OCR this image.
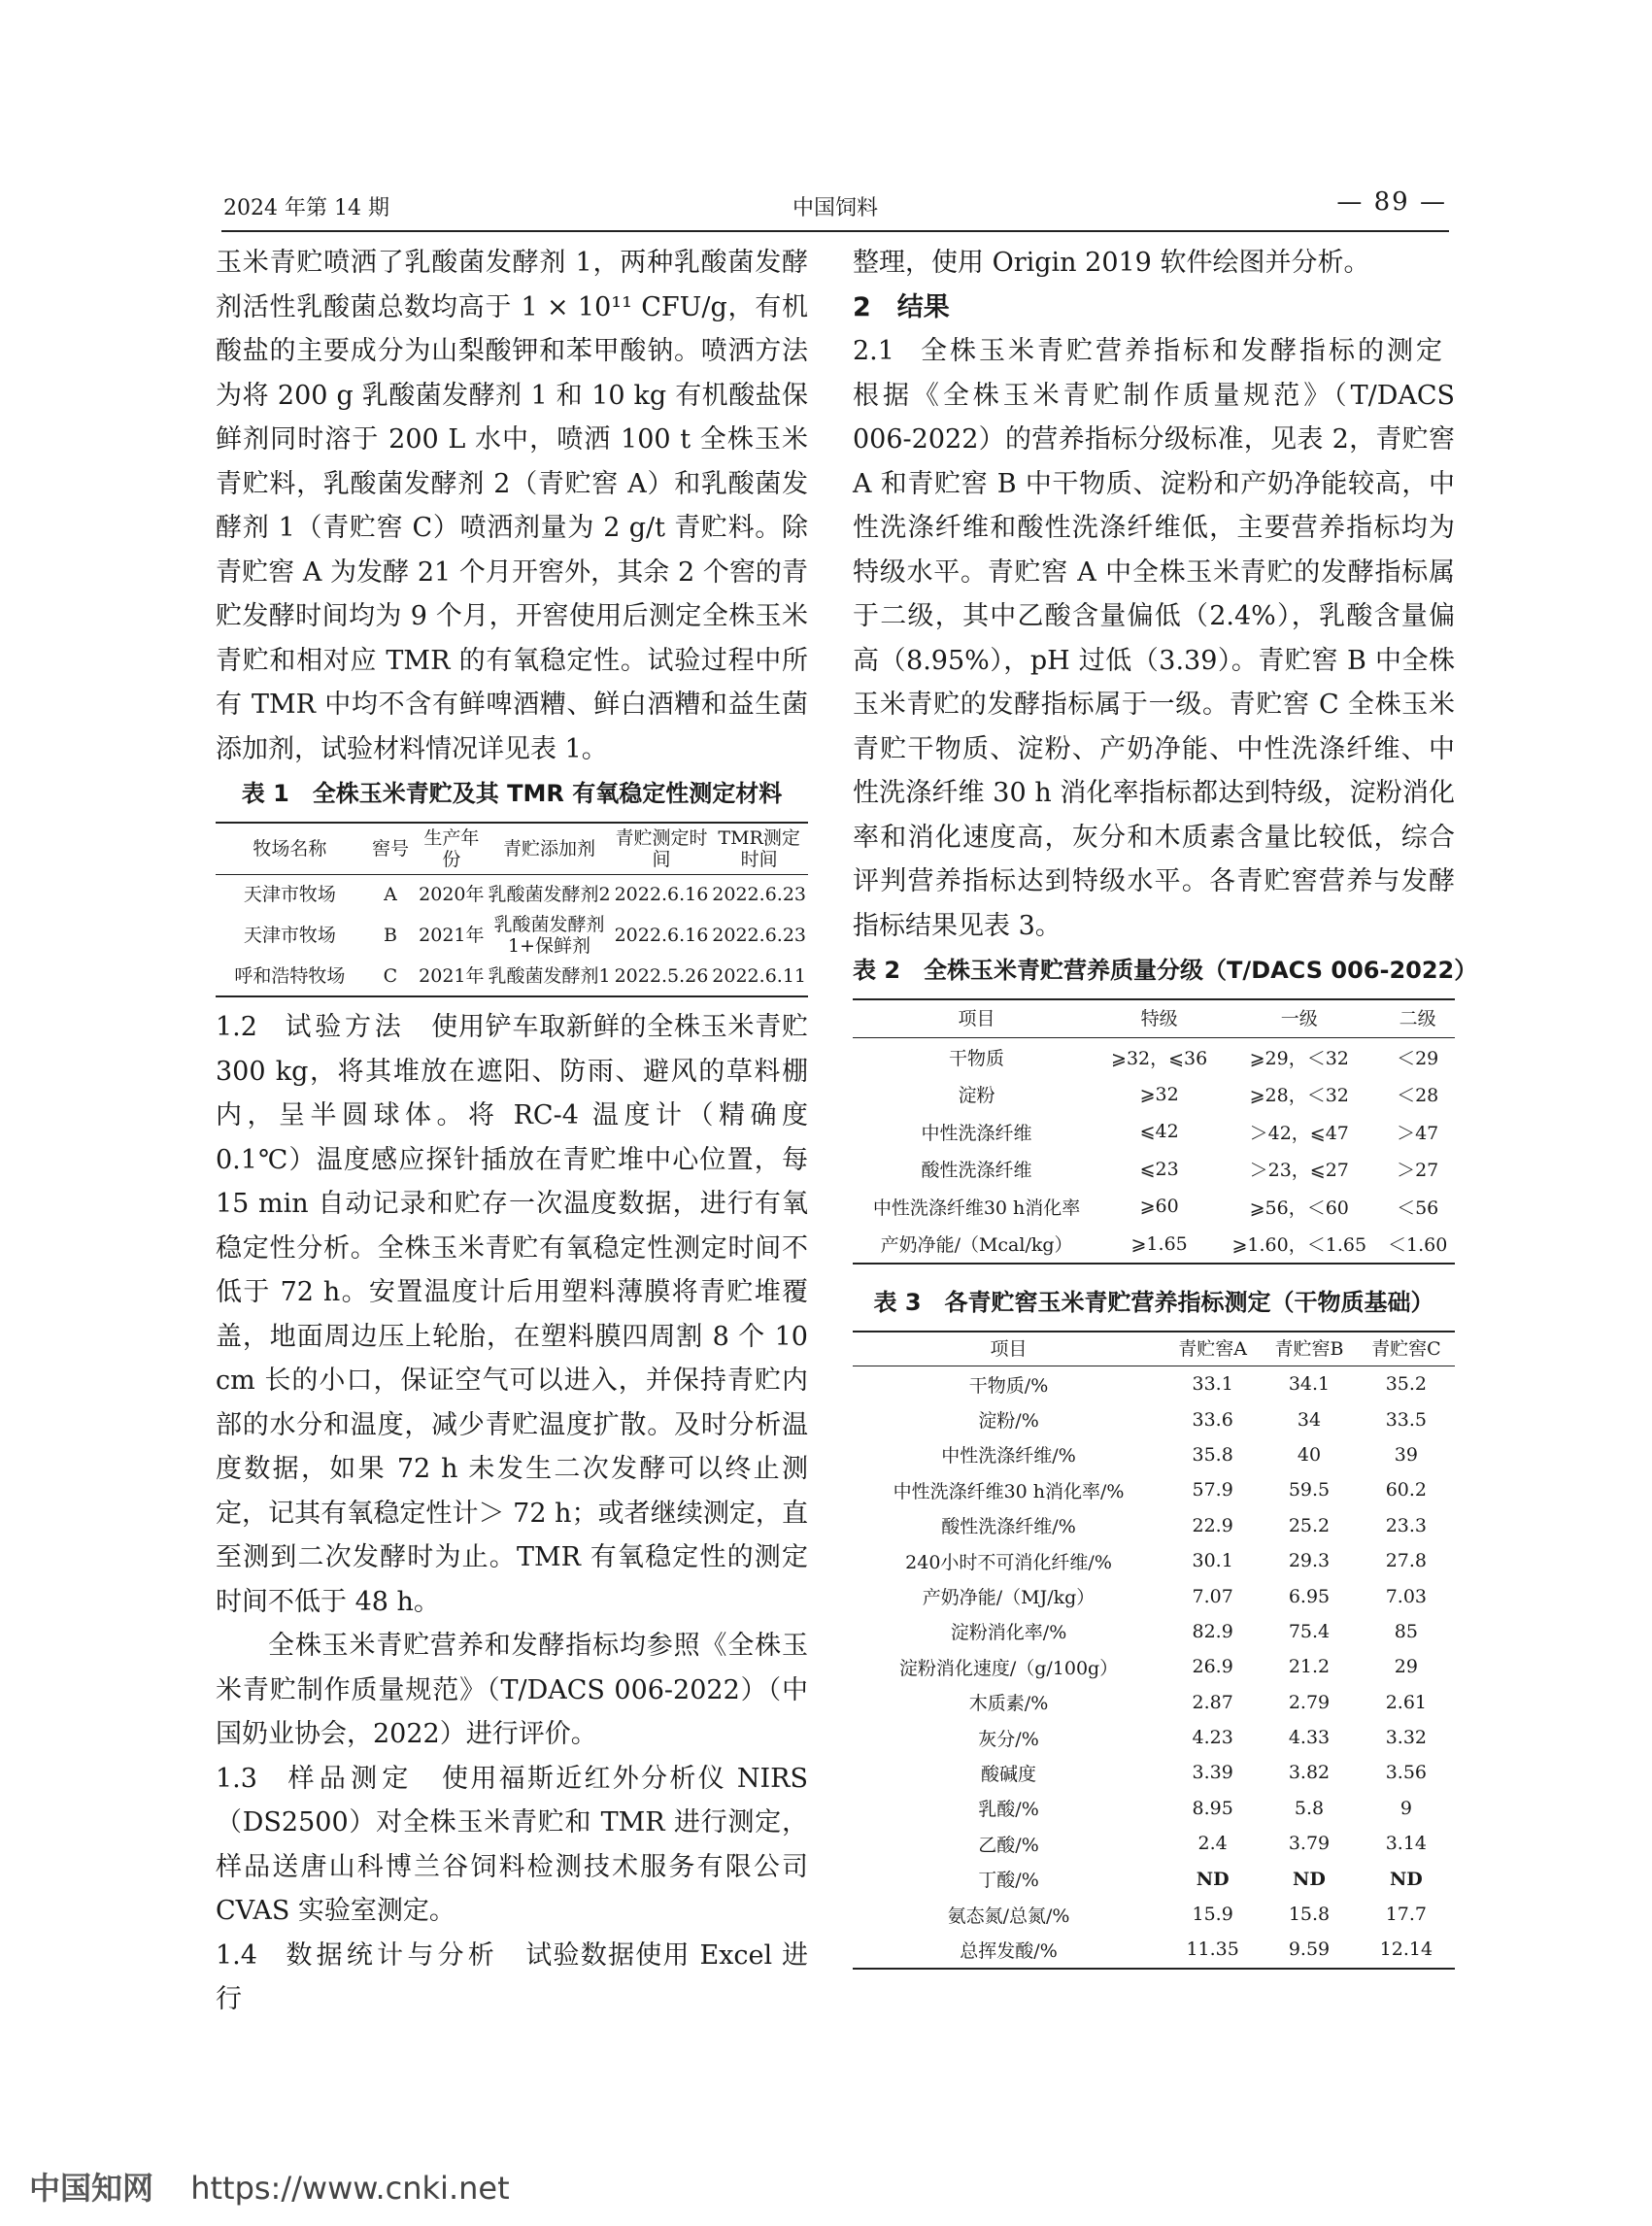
2024 年第 14 期	中国饲料	— 89 —

玉米青贮喷洒了乳酸菌发酵剂 1，两种乳酸菌发酵剂活性乳酸菌总数均高于 1 × 10¹¹ CFU/g，有机酸盐的主要成分为山梨酸钾和苯甲酸钠。喷洒方法为将 200 g 乳酸菌发酵剂 1 和 10 kg 有机酸盐保鲜剂同时溶于 200 L 水中，喷洒 100 t 全株玉米青贮料，乳酸菌发酵剂 2（青贮窖 A）和乳酸菌发酵剂 1（青贮窖 C）喷洒剂量为 2 g/t 青贮料。除青贮窖 A 为发酵 21 个月开窖外，其余 2 个窖的青贮发酵时间均为 9 个月，开窖使用后测定全株玉米青贮和相对应 TMR 的有氧稳定性。试验过程中所有 TMR 中均不含有鲜啤酒糟、鲜白酒糟和益生菌添加剂，试验材料情况详见表 1。

表 1　全株玉米青贮及其 TMR 有氧稳定性测定材料
牧场名称	窖号	生产年份	青贮添加剂	青贮测定时间	TMR测定时间
天津市牧场	A	2020年	乳酸菌发酵剂2	2022.6.16	2022.6.23
天津市牧场	B	2021年	乳酸菌发酵剂1+保鲜剂	2022.6.16	2022.6.23
呼和浩特牧场	C	2021年	乳酸菌发酵剂1	2022.5.26	2022.6.11

1.2　试验方法　使用铲车取新鲜的全株玉米青贮 300 kg，将其堆放在遮阳、防雨、避风的草料棚内，呈半圆球体。将 RC-4 温度计（精确度 0.1℃）温度感应探针插放在青贮堆中心位置，每 15 min 自动记录和贮存一次温度数据，进行有氧稳定性分析。全株玉米青贮有氧稳定性测定时间不低于 72 h。安置温度计后用塑料薄膜将青贮堆覆盖，地面周边压上轮胎，在塑料膜四周割 8 个 10 cm 长的小口，保证空气可以进入，并保持青贮内部的水分和温度，减少青贮温度扩散。及时分析温度数据，如果 72 h 未发生二次发酵可以终止测定，记其有氧稳定性计＞ 72 h；或者继续测定，直至测到二次发酵时为止。TMR 有氧稳定性的测定时间不低于 48 h。

全株玉米青贮营养和发酵指标均参照《全株玉米青贮制作质量规范》（T/DACS 006-2022）（中国奶业协会，2022）进行评价。

1.3　样品测定　使用福斯近红外分析仪 NIRS（DS2500）对全株玉米青贮和 TMR 进行测定，样品送唐山科博兰谷饲料检测技术服务有限公司 CVAS 实验室测定。

1.4　数据统计与分析　试验数据使用 Excel 进行

整理，使用 Origin 2019 软件绘图并分析。

2　结果

2.1　全株玉米青贮营养指标和发酵指标的测定

根据《全株玉米青贮制作质量规范》（T/DACS 006-2022）的营养指标分级标准，见表 2，青贮窖 A 和青贮窖 B 中干物质、淀粉和产奶净能较高，中性洗涤纤维和酸性洗涤纤维低，主要营养指标均为特级水平。青贮窖 A 中全株玉米青贮的发酵指标属于二级，其中乙酸含量偏低（2.4%），乳酸含量偏高（8.95%），pH 过低（3.39）。青贮窖 B 中全株玉米青贮的发酵指标属于一级。青贮窖 C 全株玉米青贮干物质、淀粉、产奶净能、中性洗涤纤维、中性洗涤纤维 30 h 消化率指标都达到特级，淀粉消化率和消化速度高，灰分和木质素含量比较低，综合评判营养指标达到特级水平。各青贮窖营养与发酵指标结果见表 3。

表 2　全株玉米青贮营养质量分级（T/DACS 006-2022）
项目	特级	一级	二级
干物质	⩾32，⩽36	⩾29，＜32	＜29
淀粉	⩾32	⩾28，＜32	＜28
中性洗涤纤维	⩽42	＞42，⩽47	＞47
酸性洗涤纤维	⩽23	＞23，⩽27	＞27
中性洗涤纤维30 h消化率	⩾60	⩾56，＜60	＜56
产奶净能/（Mcal/kg）	⩾1.65	⩾1.60，＜1.65	＜1.60
表 3　各青贮窖玉米青贮营养指标测定（干物质基础）
项目	青贮窖A	青贮窖B	青贮窖C
干物质/%	33.1	34.1	35.2
淀粉/%	33.6	34	33.5
中性洗涤纤维/%	35.8	40	39
中性洗涤纤维30 h消化率/%	57.9	59.5	60.2
酸性洗涤纤维/%	22.9	25.2	23.3
240小时不可消化纤维/%	30.1	29.3	27.8
产奶净能/（MJ/kg）	7.07	6.95	7.03
淀粉消化率/%	82.9	75.4	85
淀粉消化速度/（g/100g）	26.9	21.2	29
木质素/%	2.87	2.79	2.61
灰分/%	4.23	4.33	3.32
酸碱度	3.39	3.82	3.56
乳酸/%	8.95	5.8	9
乙酸/%	2.4	3.79	3.14
丁酸/%	ND	ND	ND
氨态氮/总氮/%	15.9	15.8	17.7
总挥发酸/%	11.35	9.59	12.14
中国知网 https://www.cnki.net
